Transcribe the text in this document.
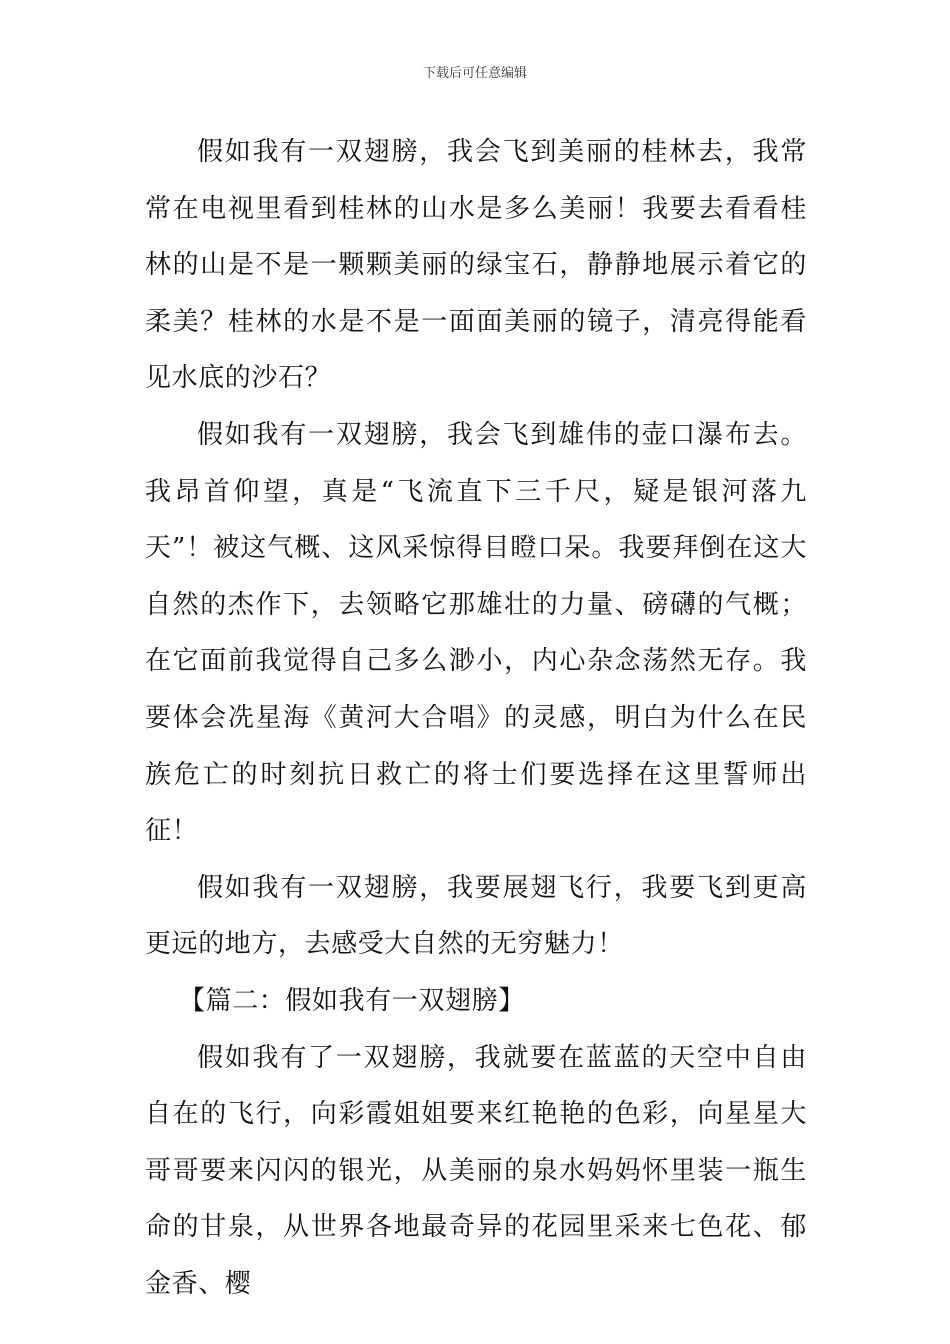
下载后可任意编辑

假如我有一双翅膀，我会飞到美丽的桂林去，我常常在电视里看到桂林的山水是多么美丽！我要去看看桂林的山是不是一颗颗美丽的绿宝石，静静地展示着它的柔美？桂林的水是不是一面面美丽的镜子，清亮得能看见水底的沙石？

假如我有一双翅膀，我会飞到雄伟的壶口瀑布去。我昂首仰望，真是“飞流直下三千尺，疑是银河落九天”！被这气概、这风采惊得目瞪口呆。我要拜倒在这大自然的杰作下，去领略它那雄壮的力量、磅礴的气概；在它面前我觉得自己多么渺小，内心杂念荡然无存。我要体会冼星海《黄河大合唱》的灵感，明白为什么在民族危亡的时刻抗日救亡的将士们要选择在这里誓师出征！

假如我有一双翅膀，我要展翅飞行，我要飞到更高更远的地方，去感受大自然的无穷魅力！

【篇二：假如我有一双翅膀】

假如我有了一双翅膀，我就要在蓝蓝的天空中自由自在的飞行，向彩霞姐姐要来红艳艳的色彩，向星星大哥哥要来闪闪的银光，从美丽的泉水妈妈怀里装一瓶生命的甘泉，从世界各地最奇异的花园里采来七色花、郁金香、樱
